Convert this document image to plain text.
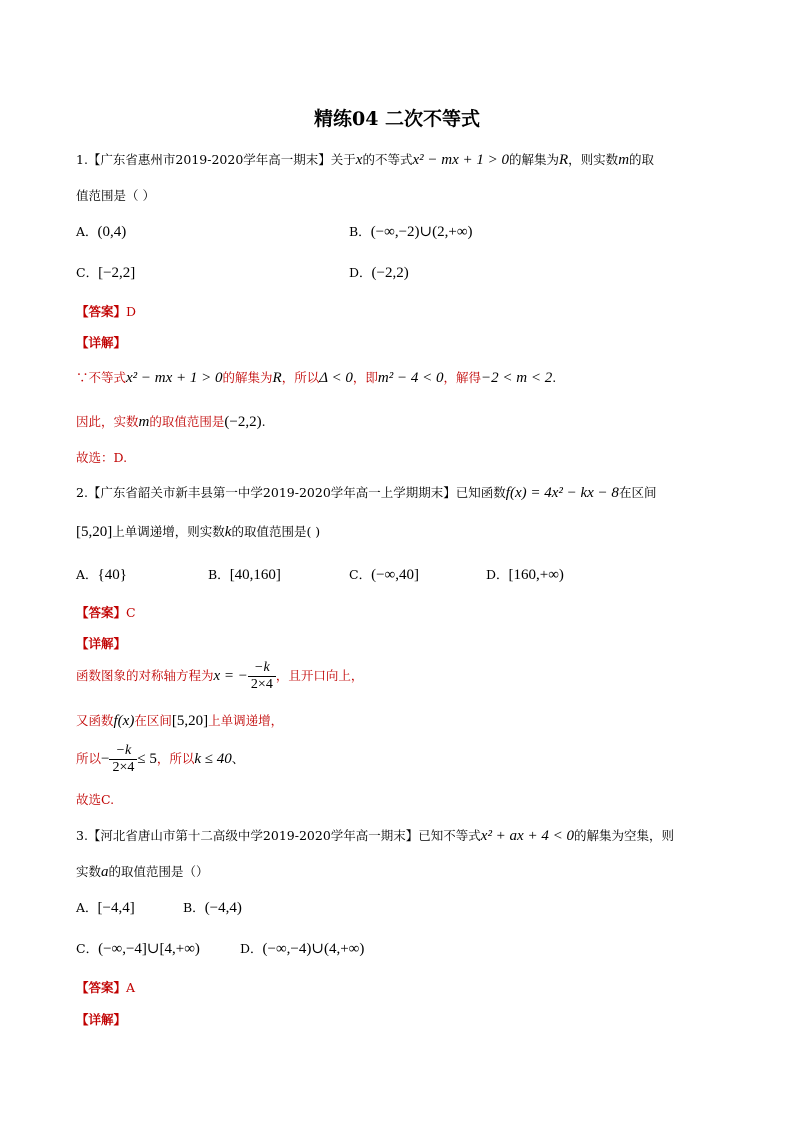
精练04 二次不等式
1.【广东省惠州市2019-2020学年高一期末】关于x的不等式x² − mx + 1 > 0的解集为R，则实数m的取
值范围是（ ）
A．(0,4)	B．(−∞,−2)∪(2,+∞)
C．[−2,2]	D．(−2,2)
【答案】D
【详解】
∵不等式x² − mx + 1 > 0的解集为R，所以Δ < 0，即m² − 4 < 0，解得−2 < m < 2.
因此，实数m的取值范围是(−2,2).
故选：D.
2.【广东省韶关市新丰县第一中学2019-2020学年高一上学期期末】已知函数f(x) = 4x² − kx − 8在区间
[5,20]上单调递增，则实数k的取值范围是( )
A．{40}	B．[40,160]	C．(−∞,40]	D．[160,+∞)
【答案】C
【详解】
函数图象的对称轴方程为x = − $\frac{-k}{2\times 4}$ ，且开口向上，
又函数f(x)在区间[5,20]上单调递增，
所以− $\frac{-k}{2\times 4} \le 5$，所以k ≤ 40、
故选C.
3.【河北省唐山市第十二高级中学2019-2020学年高一期末】已知不等式x² + ax + 4 < 0的解集为空集，则
实数a的取值范围是（）
A．[−4,4]	B．(−4,4)
C．(−∞,−4]∪[4,+∞)	D．(−∞,−4)∪(4,+∞)
【答案】A
【详解】
